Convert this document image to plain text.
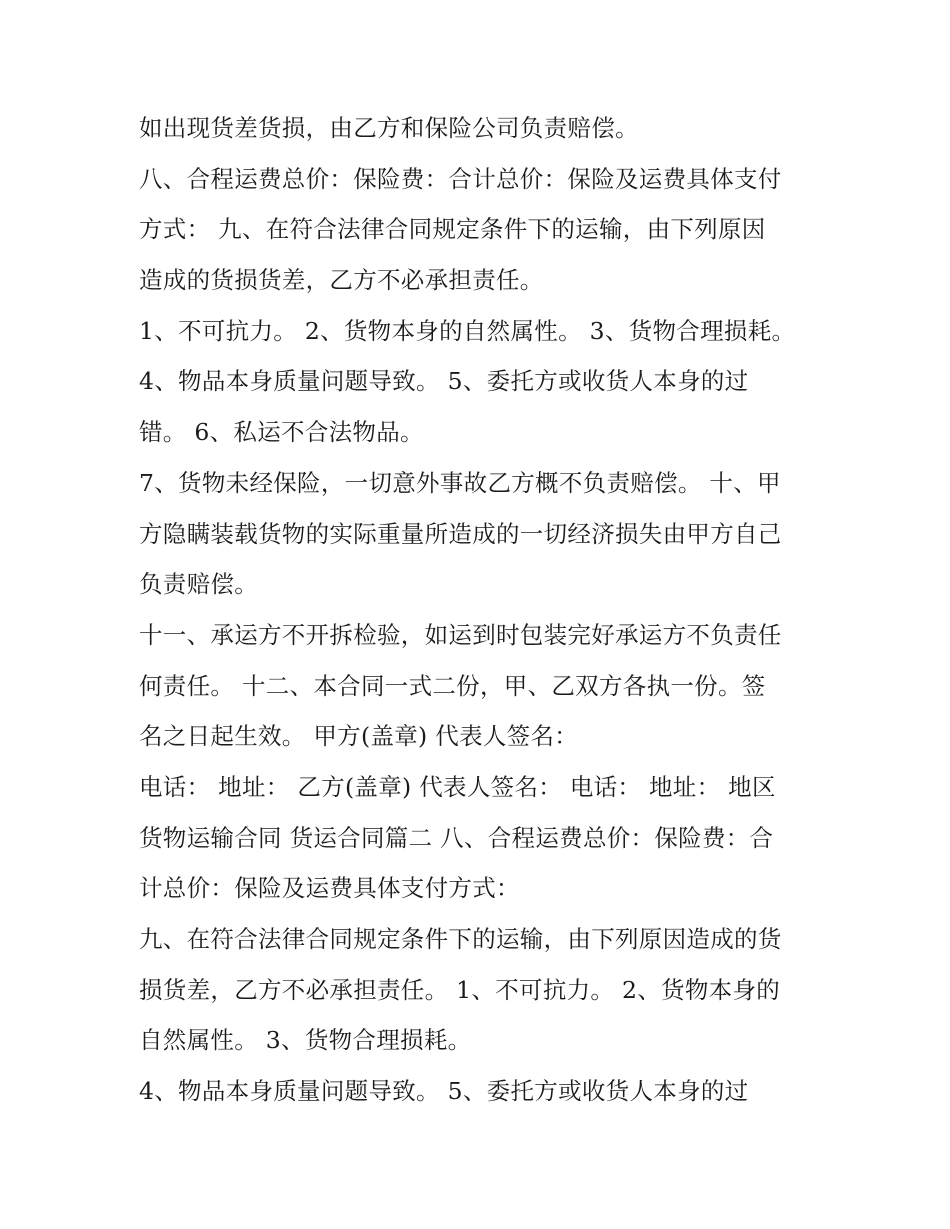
如出现货差货损，由乙方和保险公司负责赔偿。
八、合程运费总价：保险费：合计总价：保险及运费具体支付
方式： 九、在符合法律合同规定条件下的运输，由下列原因
造成的货损货差，乙方不必承担责任。
1、不可抗力。 2、货物本身的自然属性。 3、货物合理损耗。
4、物品本身质量问题导致。 5、委托方或收货人本身的过
错。 6、私运不合法物品。
7、货物未经保险，一切意外事故乙方概不负责赔偿。 十、甲
方隐瞒装载货物的实际重量所造成的一切经济损失由甲方自己
负责赔偿。
十一、承运方不开拆检验，如运到时包装完好承运方不负责任
何责任。 十二、本合同一式二份，甲、乙双方各执一份。签
名之日起生效。 甲方(盖章) 代表人签名：
电话： 地址： 乙方(盖章) 代表人签名： 电话： 地址： 地区
货物运输合同 货运合同篇二 八、合程运费总价：保险费：合
计总价：保险及运费具体支付方式：
九、在符合法律合同规定条件下的运输，由下列原因造成的货
损货差，乙方不必承担责任。 1、不可抗力。 2、货物本身的
自然属性。 3、货物合理损耗。
4、物品本身质量问题导致。 5、委托方或收货人本身的过
